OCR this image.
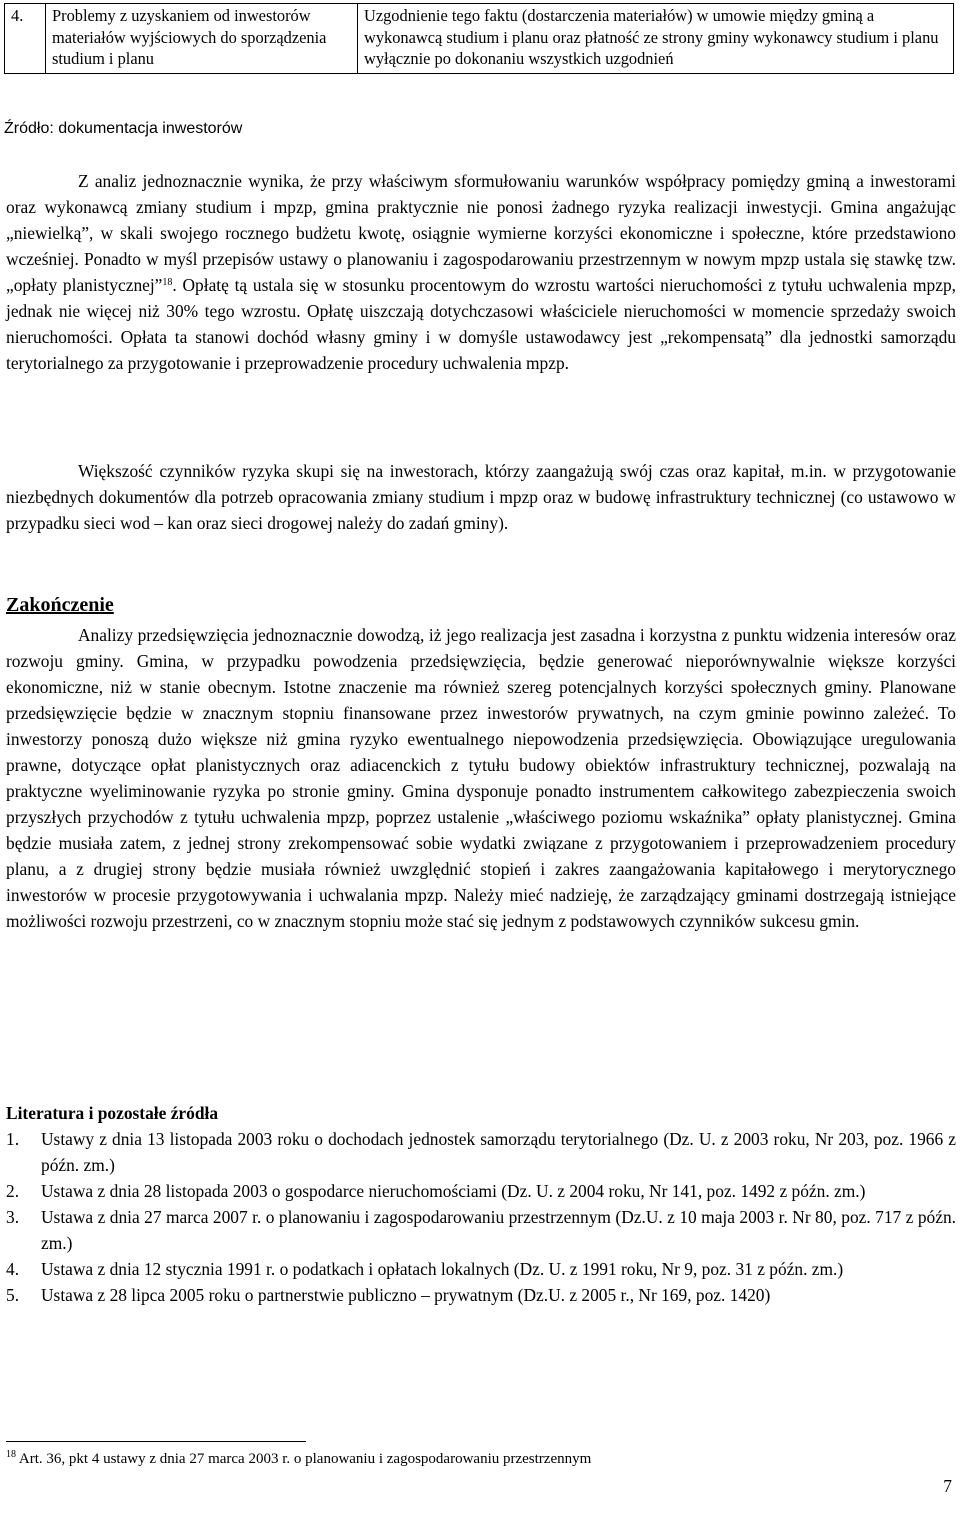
4.	Problemy z uzyskaniem od inwestorów materiałów wyjściowych do sporządzenia studium i planu	Uzgodnienie tego faktu (dostarczenia materiałów) w umowie między gminą a wykonawcą studium i planu oraz płatność ze strony gminy wykonawcy studium i planu wyłącznie po dokonaniu wszystkich uzgodnień
Źródło: dokumentacja inwestorów

Z analiz jednoznacznie wynika, że przy właściwym sformułowaniu warunków współpracy pomiędzy gminą a inwestorami oraz wykonawcą zmiany studium i mpzp, gmina praktycznie nie ponosi żadnego ryzyka realizacji inwestycji. Gmina angażując „niewielką”, w skali swojego rocznego budżetu kwotę, osiągnie wymierne korzyści ekonomiczne i społeczne, które przedstawiono wcześniej. Ponadto w myśl przepisów ustawy o planowaniu i zagospodarowaniu przestrzennym w nowym mpzp ustala się stawkę tzw. „opłaty planistycznej”$^{18}$. Opłatę tą ustala się w stosunku procentowym do wzrostu wartości nieruchomości z tytułu uchwalenia mpzp, jednak nie więcej niż 30% tego wzrostu. Opłatę uiszczają dotychczasowi właściciele nieruchomości w momencie sprzedaży swoich nieruchomości. Opłata ta stanowi dochód własny gminy i w domyśle ustawodawcy jest „rekompensatą” dla jednostki samorządu terytorialnego za przygotowanie i przeprowadzenie procedury uchwalenia mpzp.

Większość czynników ryzyka skupi się na inwestorach, którzy zaangażują swój czas oraz kapitał, m.in. w przygotowanie niezbędnych dokumentów dla potrzeb opracowania zmiany studium i mpzp oraz w budowę infrastruktury technicznej (co ustawowo w przypadku sieci wod – kan oraz sieci drogowej należy do zadań gminy).

Zakończenie

Analizy przedsięwzięcia jednoznacznie dowodzą, iż jego realizacja jest zasadna i korzystna z punktu widzenia interesów oraz rozwoju gminy. Gmina, w przypadku powodzenia przedsięwzięcia, będzie generować nieporównywalnie większe korzyści ekonomiczne, niż w stanie obecnym. Istotne znaczenie ma również szereg potencjalnych korzyści społecznych gminy. Planowane przedsięwzięcie będzie w znacznym stopniu finansowane przez inwestorów prywatnych, na czym gminie powinno zależeć. To inwestorzy ponoszą dużo większe niż gmina ryzyko ewentualnego niepowodzenia przedsięwzięcia. Obowiązujące uregulowania prawne, dotyczące opłat planistycznych oraz adiacenckich z tytułu budowy obiektów infrastruktury technicznej, pozwalają na praktyczne wyeliminowanie ryzyka po stronie gminy. Gmina dysponuje ponadto instrumentem całkowitego zabezpieczenia swoich przyszłych przychodów z tytułu uchwalenia mpzp, poprzez ustalenie „właściwego poziomu wskaźnika” opłaty planistycznej. Gmina będzie musiała zatem, z jednej strony zrekompensować sobie wydatki związane z przygotowaniem i przeprowadzeniem procedury planu, a z drugiej strony będzie musiała również uwzględnić stopień i zakres zaangażowania kapitałowego i merytorycznego inwestorów w procesie przygotowywania i uchwalania mpzp. Należy mieć nadzieję, że zarządzający gminami dostrzegają istniejące możliwości rozwoju przestrzeni, co w znacznym stopniu może stać się jednym z podstawowych czynników sukcesu gmin.

Literatura i pozostałe źródła
1. Ustawy z dnia 13 listopada 2003 roku o dochodach jednostek samorządu terytorialnego (Dz. U. z 2003 roku, Nr 203, poz. 1966 z późn. zm.)
2. Ustawa z dnia 28 listopada 2003 o gospodarce nieruchomościami (Dz. U. z 2004 roku, Nr 141, poz. 1492 z późn. zm.)
3. Ustawa z dnia 27 marca 2007 r. o planowaniu i zagospodarowaniu przestrzennym (Dz.U. z 10 maja 2003 r. Nr 80, poz. 717 z późn. zm.)
4. Ustawa z dnia 12 stycznia 1991 r. o podatkach i opłatach lokalnych (Dz. U. z 1991 roku, Nr 9, poz. 31 z późn. zm.)
5. Ustawa z 28 lipca 2005 roku o partnerstwie publiczno – prywatnym (Dz.U. z 2005 r., Nr 169, poz. 1420)
$^{18}$ Art. 36, pkt 4 ustawy z dnia 27 marca 2003 r. o planowaniu i zagospodarowaniu przestrzennym
7
